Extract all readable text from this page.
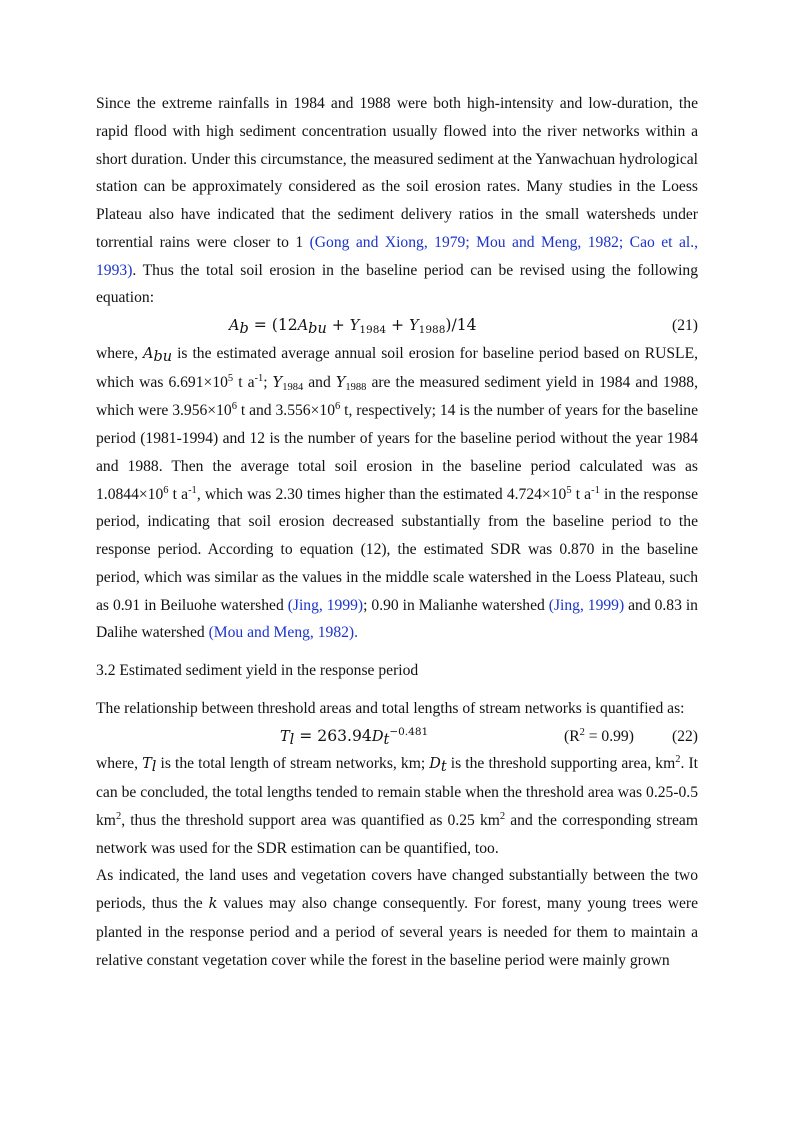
Since the extreme rainfalls in 1984 and 1988 were both high-intensity and low-duration, the rapid flood with high sediment concentration usually flowed into the river networks within a short duration. Under this circumstance, the measured sediment at the Yanwachuan hydrological station can be approximately considered as the soil erosion rates. Many studies in the Loess Plateau also have indicated that the sediment delivery ratios in the small watersheds under torrential rains were closer to 1 (Gong and Xiong, 1979; Mou and Meng, 1982; Cao et al., 1993). Thus the total soil erosion in the baseline period can be revised using the following equation:

$A_b = (12A_{bu} + Y_{1984} + Y_{1988})/14$	(21)

where, $A_{bu}$ is the estimated average annual soil erosion for baseline period based on RUSLE, which was $6.691\times 10^5$ t $a^{-1}$; $Y_{1984}$ and $Y_{1988}$ are the measured sediment yield in 1984 and 1988, which were $3.956\times 10^6$ t and $3.556\times 10^6$ t, respectively; 14 is the number of years for the baseline period (1981-1994) and 12 is the number of years for the baseline period without the year 1984 and 1988. Then the average total soil erosion in the baseline period calculated was as $1.0844\times 10^6$ t $a^{-1}$, which was 2.30 times higher than the estimated $4.724\times 10^5$ t $a^{-1}$ in the response period, indicating that soil erosion decreased substantially from the baseline period to the response period. According to equation (12), the estimated SDR was 0.870 in the baseline period, which was similar as the values in the middle scale watershed in the Loess Plateau, such as 0.91 in Beiluohe watershed (Jing, 1999); 0.90 in Malianhe watershed (Jing, 1999) and 0.83 in Dalihe watershed (Mou and Meng, 1982).

3.2 Estimated sediment yield in the response period

The relationship between threshold areas and total lengths of stream networks is quantified as:

$T_l = 263.94D_t^{-0.481}$	$(R^2 = 0.99)$ (22)

where, $T_l$ is the total length of stream networks, km; $D_t$ is the threshold supporting area, $km^2$. It can be concluded, the total lengths tended to remain stable when the threshold area was 0.25-0.5 $km^2$, thus the threshold support area was quantified as 0.25 $km^2$ and the corresponding stream network was used for the SDR estimation can be quantified, too.

As indicated, the land uses and vegetation covers have changed substantially between the two periods, thus the k values may also change consequently. For forest, many young trees were planted in the response period and a period of several years is needed for them to maintain a relative constant vegetation cover while the forest in the baseline period were mainly grown
